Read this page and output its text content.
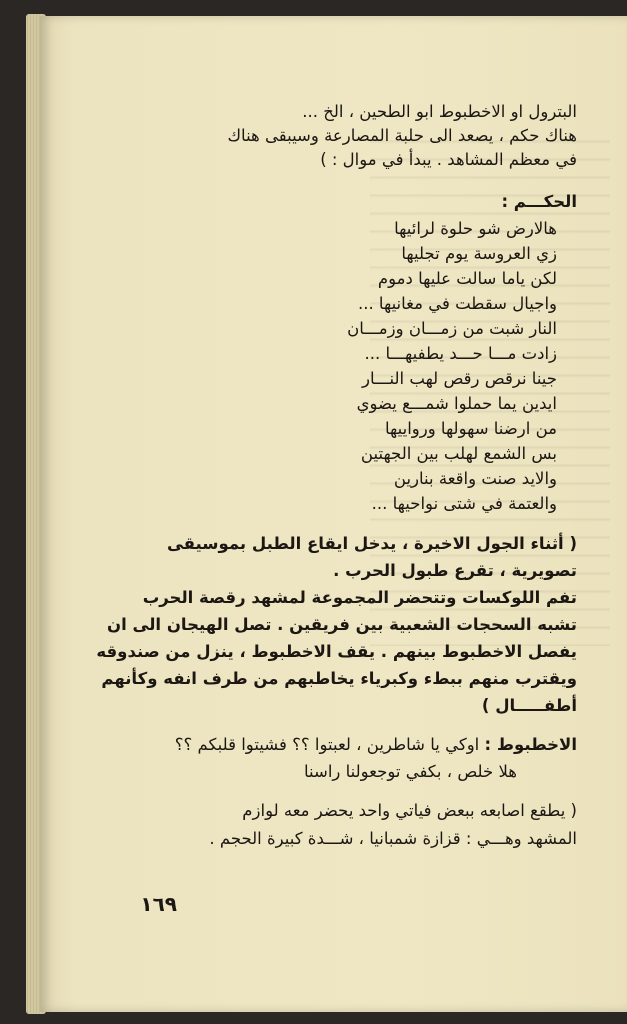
البترول او الاخطبوط ابو الطحين ، الخ ...

هناك حكم ، يصعد الى حلبة المصارعة وسيبقى هناك

في معظم المشاهد . يبدأ في موال : )

الحكـــم :

هالارض شو حلوة لرائيها

زي العروسة يوم تجليها

لكن ياما سالت عليها دموم

واجيال سقطت في مغانيها ...

النار شبت من زمـــان وزمـــان

زادت مـــا حـــد يطفيهـــا ...

جينا نرقص رقص لهب النـــار

ايدين يما حملوا شمـــع يضوي

من ارضنا سهولها ورواييها

بس الشمع لهلب بين الجهتين

والايد صنت واقعة بنارين

والعتمة في شتى نواحيها ...

( أثناء الجول الاخيرة ، يدخل ايقاع الطبل بموسيقى

تصويرية ، تقرع طبول الحرب .

تفم اللوكسات وتتحضر المجموعة لمشهد رقصة الحرب

تشبه السحجات الشعبية بين فريقين . تصل الهيجان الى ان

يفصل الاخطبوط بينهم . يقف الاخطبوط ، ينزل من صندوقه

ويقترب منهم ببطء وكبرياء يخاطبهم من طرف انفه وكأنهم

أطفـــــال )

الاخطبوط : اوكي يا شاطرين ، لعبتوا ؟؟ فشيتوا قلبكم ؟؟

هلا خلص ، بكفي توجعولنا راسنا

( يطقع اصابعه ببعض فياتي واحد يحضر معه لوازم

المشهد وهـــي : قزازة شمبانيا ، شـــدة كبيرة الحجم .

١٦٩
